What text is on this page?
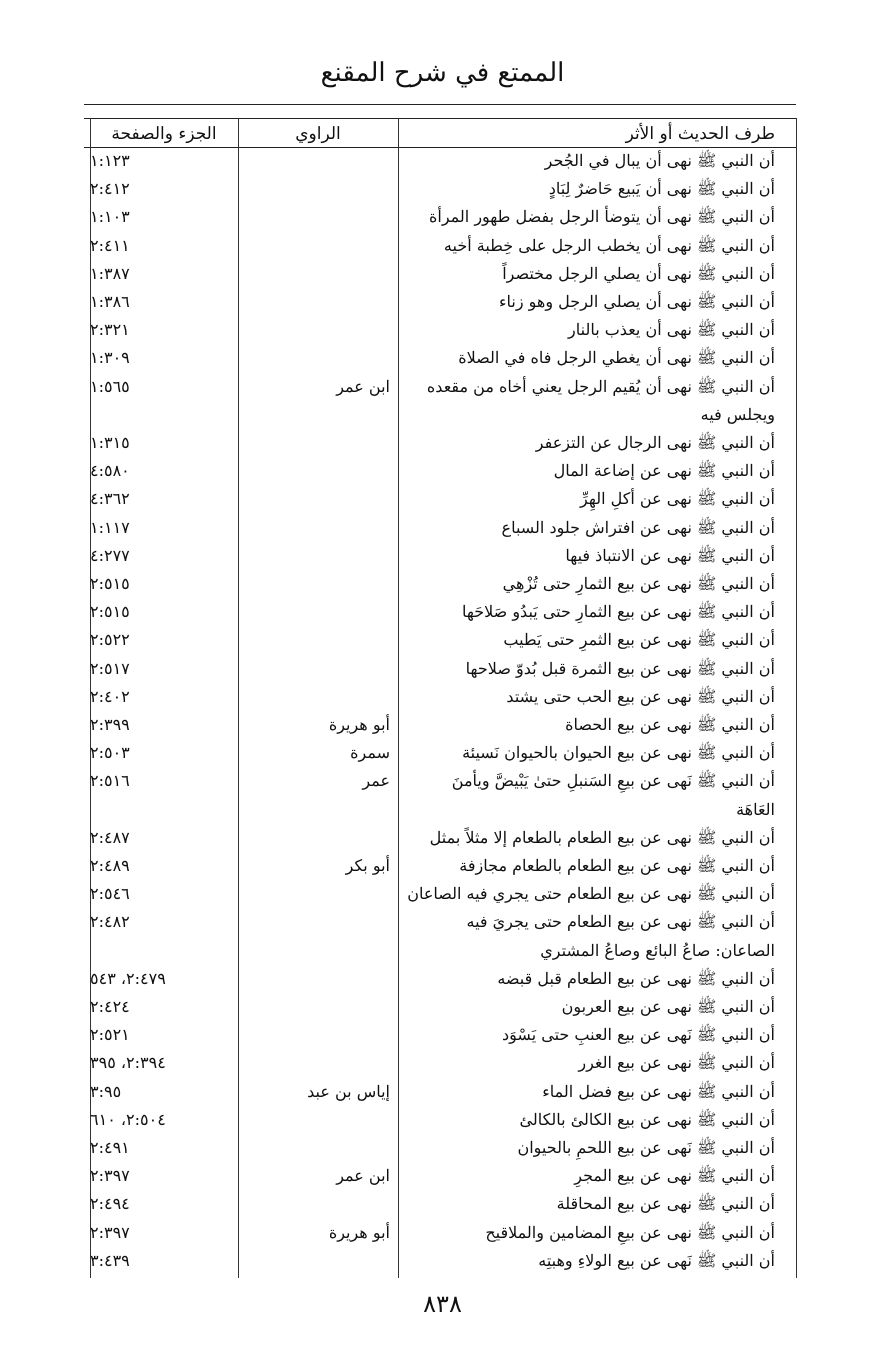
الممتع في شرح المقنع
طرف الحديث أو الأثر
الراوي
الجزء والصفحة
أن النبي ﷺ نهى أن يبال في الجُحر
١:١٢٣
أن النبي ﷺ نهى أن يَبيع حَاضرٌ لِبَادٍ
٢:٤١٢
أن النبي ﷺ نهى أن يتوضأ الرجل بفضل طهور المرأة
١:١٠٣
أن النبي ﷺ نهى أن يخطب الرجل على خِطبة أخيه
٢:٤١١
أن النبي ﷺ نهى أن يصلي الرجل مختصراً
١:٣٨٧
أن النبي ﷺ نهى أن يصلي الرجل وهو زناء
١:٣٨٦
أن النبي ﷺ نهى أن يعذب بالنار
٢:٣٢١
أن النبي ﷺ نهى أن يغطي الرجل فاه في الصلاة
١:٣٠٩
أن النبي ﷺ نهى أن يُقيم الرجل يعني أخاه من مقعده
ابن عمر
١:٥٦٥
ويجلس فيه
أن النبي ﷺ نهى الرجال عن التزعفر
١:٣١٥
أن النبي ﷺ نهى عن إضاعة المال
٤:٥٨٠
أن النبي ﷺ نهى عن أكلِ الهِرِّ
٤:٣٦٢
أن النبي ﷺ نهى عن افتراش جلود السباع
١:١١٧
أن النبي ﷺ نهى عن الانتباذ فيها
٤:٢٧٧
أن النبي ﷺ نهى عن بيع الثمارِ حتى تُزْهِي
٢:٥١٥
أن النبي ﷺ نهى عن بيع الثمارِ حتى يَبدُو صَلاحَها
٢:٥١٥
أن النبي ﷺ نهى عن بيع الثمرِ حتى يَطيب
٢:٥٢٢
أن النبي ﷺ نهى عن بيع الثمرة قبل بُدوّ صلاحها
٢:٥١٧
أن النبي ﷺ نهى عن بيع الحب حتى يشتد
٢:٤٠٢
أن النبي ﷺ نهى عن بيع الحصاة
أبو هريرة
٢:٣٩٩
أن النبي ﷺ نهى عن بيع الحيوان بالحيوان نَسيئة
سمرة
٢:٥٠٣
أن النبي ﷺ نَهى عن بيعِ السَنبلِ حتىٰ يَبْيضَّ ويأمنَ
عمر
٢:٥١٦
العَاهَة
أن النبي ﷺ نهى عن بيع الطعام بالطعام إلا مثلاً بمثل
٢:٤٨٧
أن النبي ﷺ نهى عن بيع الطعام بالطعام مجازفة
أبو بكر
٢:٤٨٩
أن النبي ﷺ نهى عن بيع الطعام حتى يجري فيه الصاعان
٢:٥٤٦
أن النبي ﷺ نهى عن بيع الطعام حتى يجريَ فيه
٢:٤٨٢
الصاعان: صاعُ البائع وصاعُ المشتري
أن النبي ﷺ نهى عن بيع الطعام قبل قبضه
٢:٤٧٩، ٥٤٣
أن النبي ﷺ نهى عن بيع العربون
٢:٤٢٤
أن النبي ﷺ نَهى عن بيع العنبِ حتى يَسْوَد
٢:٥٢١
أن النبي ﷺ نهى عن بيع الغرر
٢:٣٩٤، ٣٩٥
أن النبي ﷺ نهى عن بيع فضل الماء
إياس بن عبد
٣:٩٥
أن النبي ﷺ نهى عن بيع الكالئ بالكالئ
٢:٥٠٤، ٦١٠
أن النبي ﷺ نَهى عن بيع اللحمِ بالحيوان
٢:٤٩١
أن النبي ﷺ نهى عن بيع المجرِ
ابن عمر
٢:٣٩٧
أن النبي ﷺ نهى عن بيع المحاقلة
٢:٤٩٤
أن النبي ﷺ نهى عن بيعِ المضامين والملاقيح
أبو هريرة
٢:٣٩٧
أن النبي ﷺ نَهى عن بيع الولاءِ وهبتِه
٣:٤٣٩
٨٣٨
